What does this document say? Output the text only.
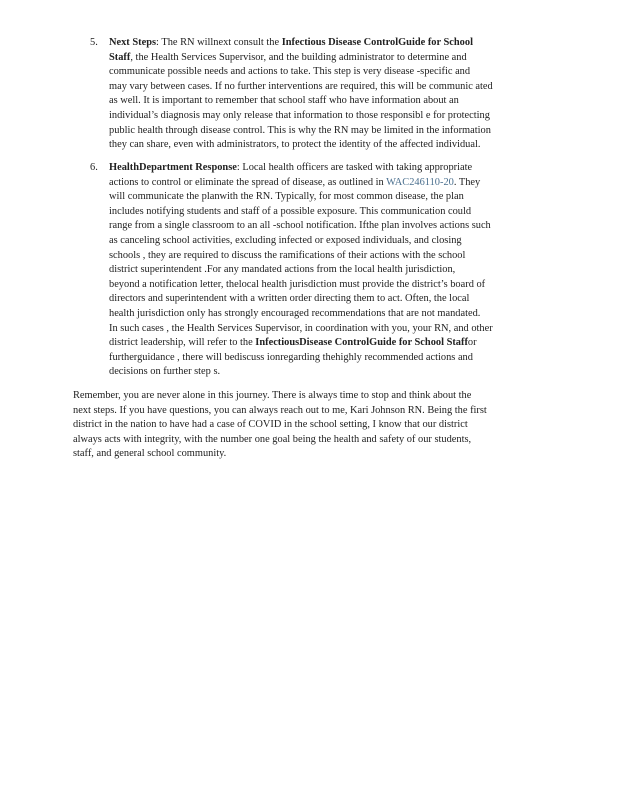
5. Next Steps: The RN willnext consult the Infectious Disease ControlGuide for School
Staff, the Health Services Supervisor, and the building administrator to determine and
communicate possible needs and actions to take. This step is very disease -specific and
may vary between cases. If no further interventions are required, this will be communic ated
as well. It is important to remember that school staff who have information about an
individual’s diagnosis may only release that information to those responsibl e for protecting
public health through disease control. This is why the RN may be limited in the information
they can share, even with administrators, to protect the identity of the affected individual.
6. HealthDepartment Response: Local health officers are tasked with taking appropriate
actions to control or eliminate the spread of disease, as outlined in WAC246110-20. They
will communicate the planwith the RN. Typically, for most common disease, the plan
includes notifying students and staff of a possible exposure. This communication could
range from a single classroom to an all -school notification. Ifthe plan involves actions such
as canceling school activities, excluding infected or exposed individuals, and closing
schools , they are required to discuss the ramifications of their actions with the school
district superintendent .For any mandated actions from the local health jurisdiction,
beyond a notification letter, thelocal health jurisdiction must provide the district’s board of
directors and superintendent with a written order directing them to act. Often, the local
health jurisdiction only has strongly encouraged recommendations that are not mandated.
In such cases , the Health Services Supervisor, in coordination with you, your RN, and other
district leadership, will refer to the InfectiousDisease ControlGuide for School Staffor
furtherguidance , there will bediscuss ionregarding thehighly recommended actions and
decisions on further step s.
Remember, you are never alone in this journey. There is always time to stop and think about the
next steps. If you have questions, you can always reach out to me, Kari Johnson RN. Being the first
district in the nation to have had a case of COVID in the school setting, I know that our district
always acts with integrity, with the number one goal being the health and safety of our students,
staff, and general school community.
